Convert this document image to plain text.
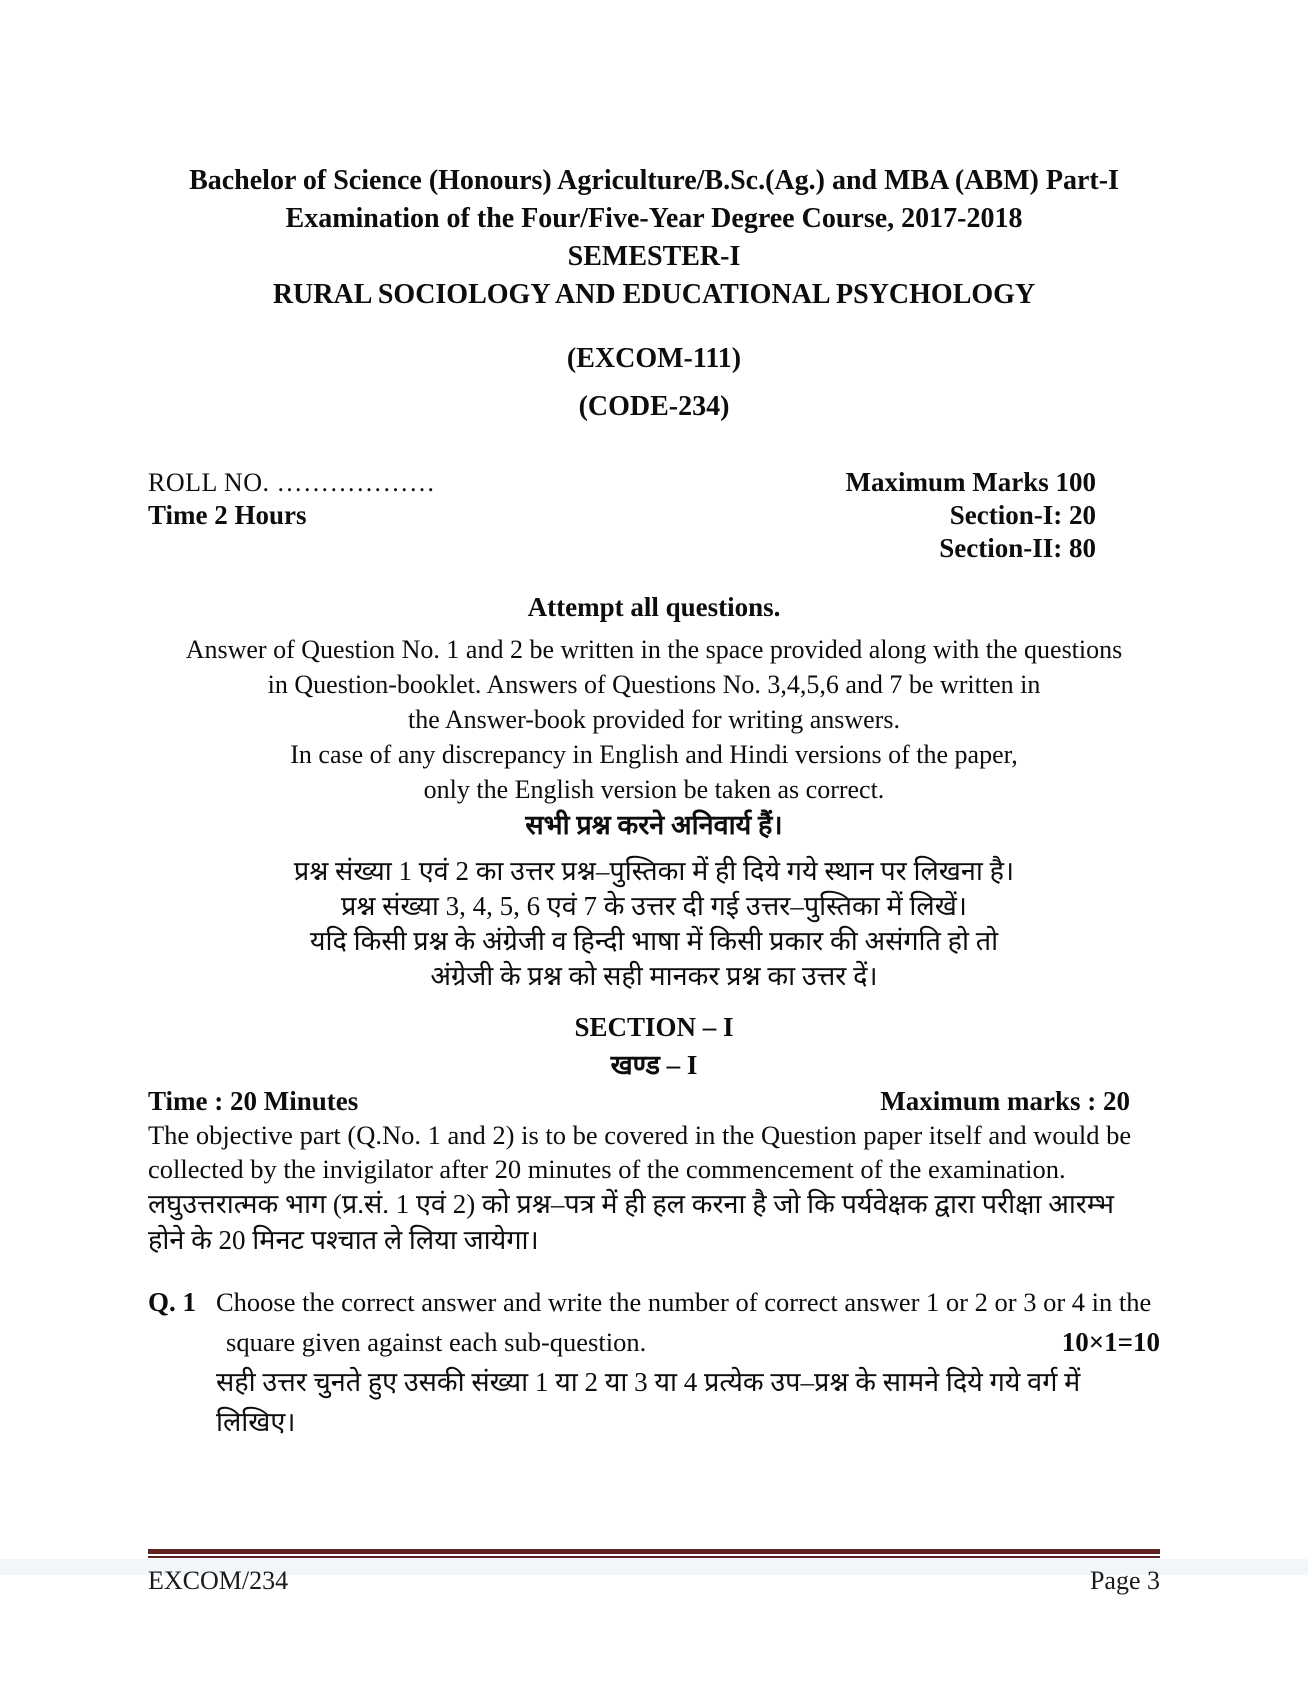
Bachelor of Science (Honours) Agriculture/B.Sc.(Ag.) and MBA (ABM) Part-I
Examination of the Four/Five-Year Degree Course, 2017-2018
SEMESTER-I
RURAL SOCIOLOGY AND EDUCATIONAL PSYCHOLOGY
(EXCOM-111)
(CODE-234)
ROLL NO. ………………
Time 2 Hours
Maximum Marks 100
Section-I: 20
Section-II: 80
Attempt all questions.
Answer of Question No. 1 and 2 be written in the space provided along with the questions
in Question-booklet. Answers of Questions No. 3,4,5,6 and 7 be written in
the Answer-book provided for writing answers.
In case of any discrepancy in English and Hindi versions of the paper,
only the English version be taken as correct.
सभी प्रश्न करने अनिवार्य हैं।
प्रश्न संख्या 1 एवं 2 का उत्तर प्रश्न–पुस्तिका में ही दिये गये स्थान पर लिखना है।
प्रश्न संख्या 3, 4, 5, 6 एवं 7 के उत्तर दी गई उत्तर–पुस्तिका में लिखें।
यदि किसी प्रश्न के अंग्रेजी व हिन्दी भाषा में किसी प्रकार की असंगति हो तो
अंग्रेजी के प्रश्न को सही मानकर प्रश्न का उत्तर दें।
SECTION – I
खण्ड – I
Time : 20 Minutes	Maximum marks : 20
The objective part (Q.No. 1 and 2) is to be covered in the Question paper itself and would be
collected by the invigilator after 20 minutes of the commencement of the examination.
लघुउत्तरात्मक भाग (प्र.सं. 1 एवं 2) को प्रश्न–पत्र में ही हल करना है जो कि पर्यवेक्षक द्वारा परीक्षा आरम्भ
होने के 20 मिनट पश्चात ले लिया जायेगा।
Q. 1 Choose the correct answer and write the number of correct answer 1 or 2 or 3 or 4 in the
square given against each sub-question.	10×1=10
सही उत्तर चुनते हुए उसकी संख्या 1 या 2 या 3 या 4 प्रत्येक उप–प्रश्न के सामने दिये गये वर्ग में
लिखिए।
EXCOM/234	Page 3
